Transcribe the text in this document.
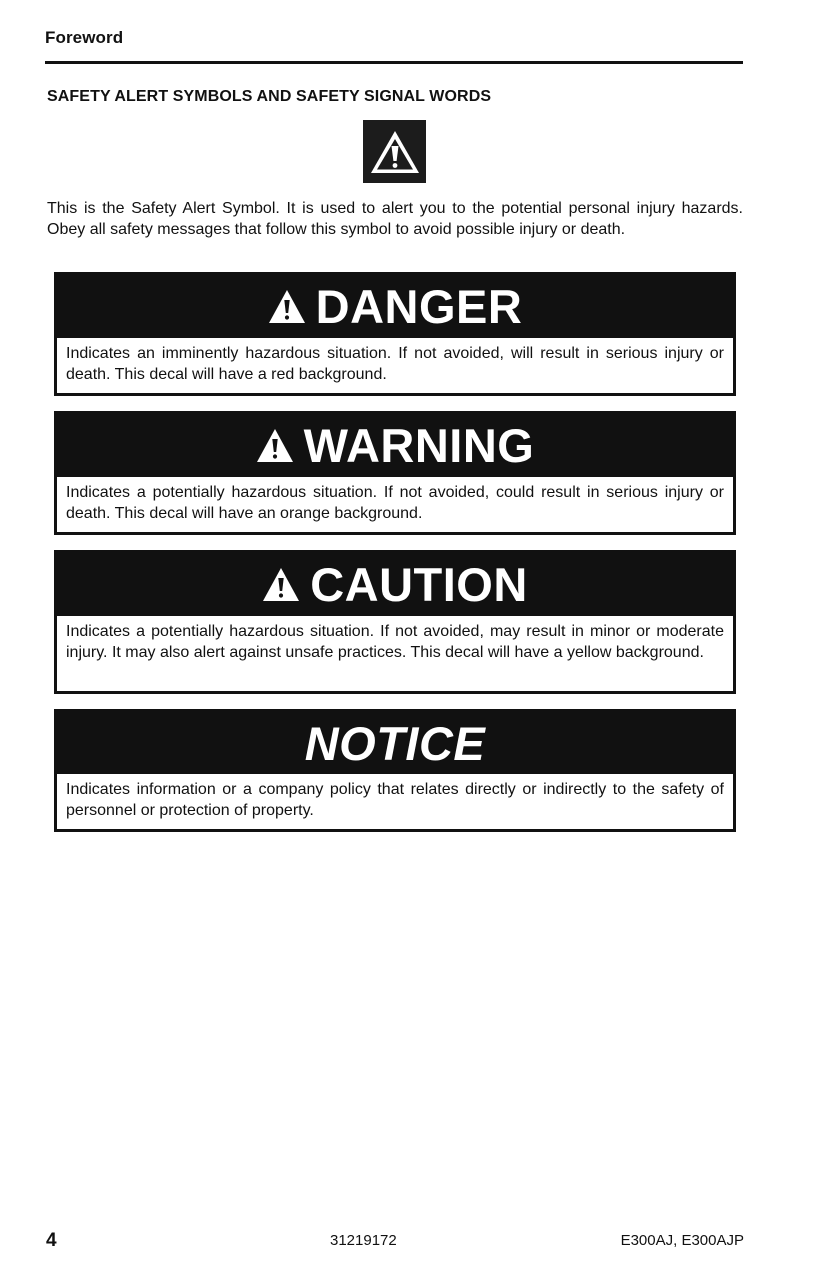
Foreword
SAFETY ALERT SYMBOLS AND SAFETY SIGNAL WORDS
This is the Safety Alert Symbol. It is used to alert you to the potential personal injury hazards. Obey all safety messages that follow this symbol to avoid possible injury or death.
DANGER
Indicates an imminently hazardous situation. If not avoided, will result in serious injury or death. This decal will have a red background.
WARNING
Indicates a potentially hazardous situation. If not avoided, could result in serious injury or death. This decal will have an orange background.
CAUTION
Indicates a potentially hazardous situation. If not avoided, may result in minor or moderate injury. It may also alert against unsafe practices. This decal will have a yellow background.
NOTICE
Indicates information or a company policy that relates directly or indirectly to the safety of personnel or protection of property.
4	31219172	E300AJ, E300AJP
